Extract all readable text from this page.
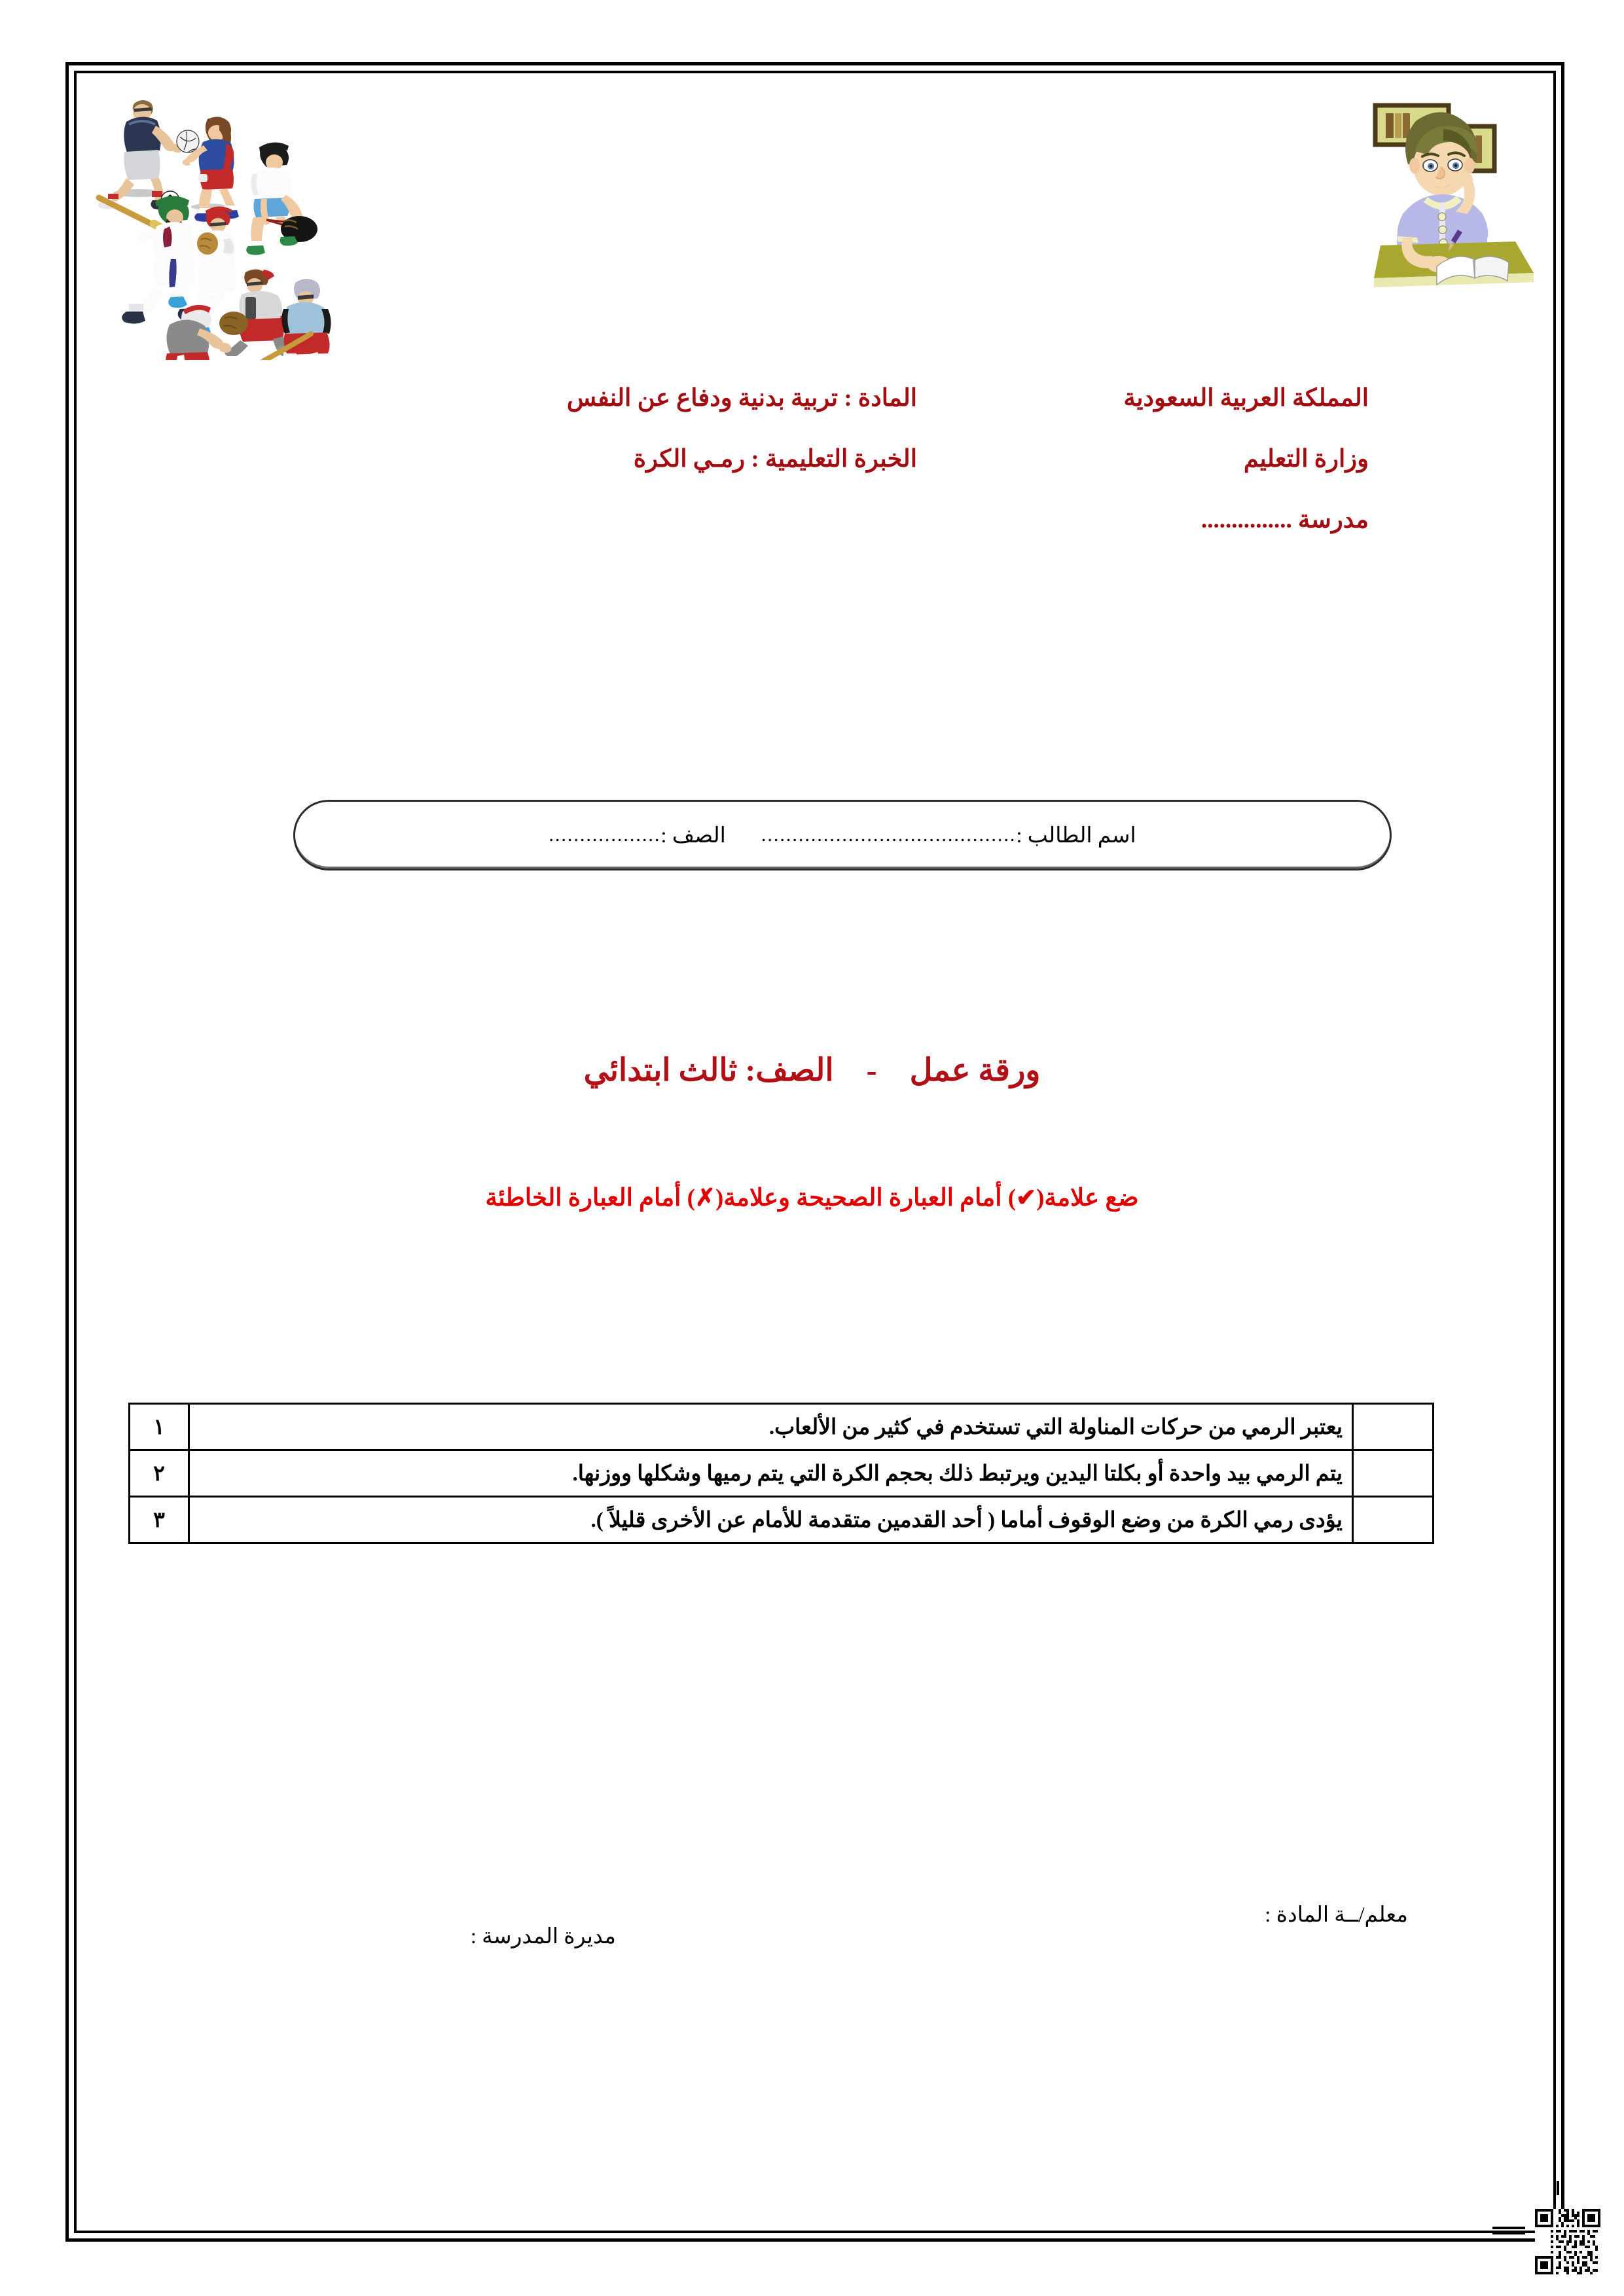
المملكة العربية السعودية
وزارة التعليم
مدرسة ...............
المادة : تربية بدنية ودفاع عن النفس
الخبرة التعليمية : رمـي الكرة
اسم الطالب :
.........................................
الصف :
..................
ورقة عمل  -  الصف: ثالث ابتدائي
ضع علامة(✔) أمام العبارة الصحيحة وعلامة(✗) أمام العبارة الخاطئة
	يعتبر الرمي من حركات المناولة التي تستخدم في كثير من الألعاب.	١
	يتم الرمي بيد واحدة أو بكلتا اليدين ويرتبط ذلك بحجم الكرة التي يتم رميها وشكلها ووزنها.	٢
	يؤدى رمي الكرة من وضع الوقوف أماما ( أحد القدمين متقدمة للأمام عن الأخرى قليلاً ).	٣
معلم/ــة المادة :
مديرة المدرسة :
